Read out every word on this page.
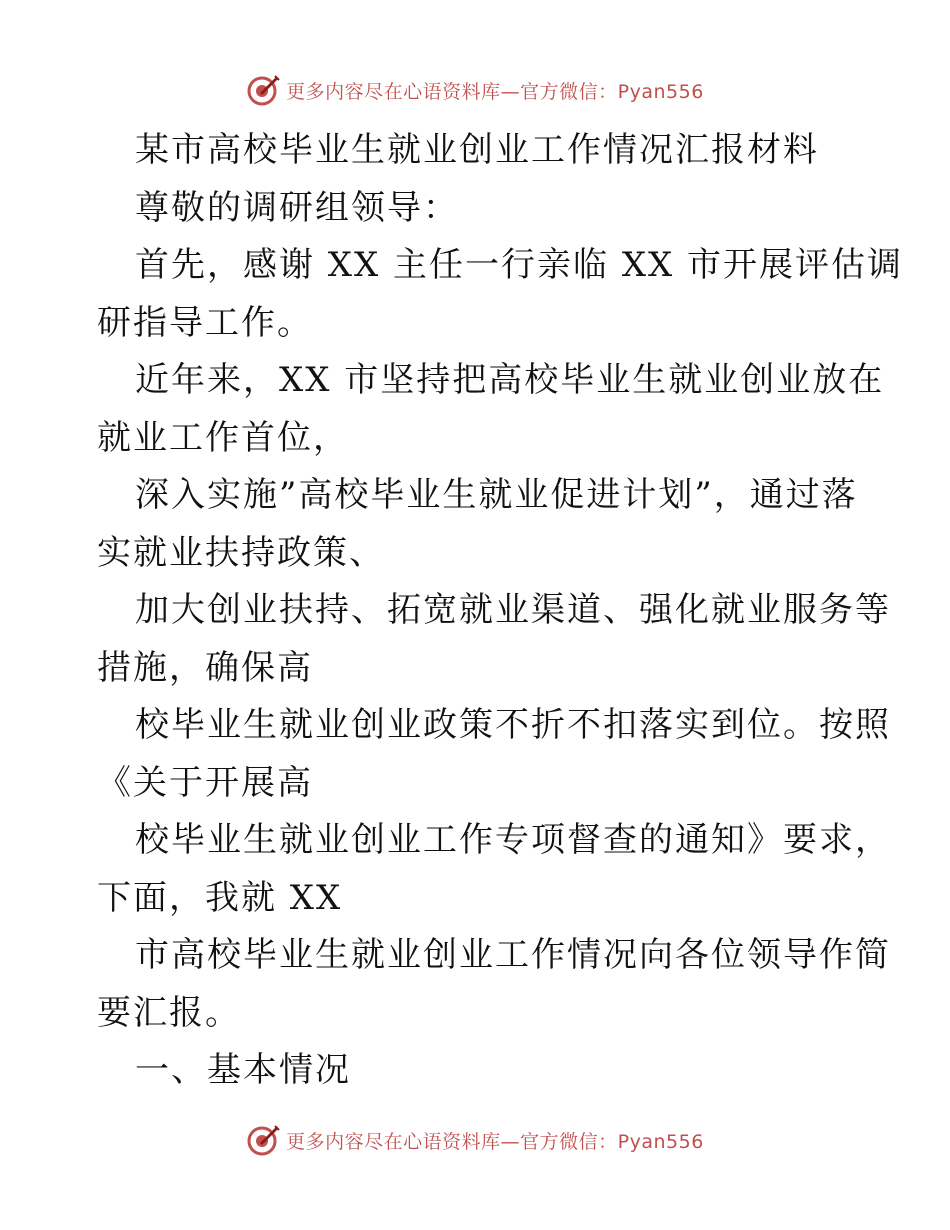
更多内容尽在心语资料库—官方微信：Pyan556
某市高校毕业生就业创业工作情况汇报材料
尊敬的调研组领导：
首先，感谢 XX 主任一行亲临 XX 市开展评估调
研指导工作。
近年来，XX 市坚持把高校毕业生就业创业放在
就业工作首位，
深入实施”高校毕业生就业促进计划”，通过落
实就业扶持政策、
加大创业扶持、拓宽就业渠道、强化就业服务等
措施，确保高
校毕业生就业创业政策不折不扣落实到位。按照
《关于开展高
校毕业生就业创业工作专项督查的通知》要求，
下面，我就 XX
市高校毕业生就业创业工作情况向各位领导作简
要汇报。
一、基本情况
更多内容尽在心语资料库—官方微信：Pyan556
